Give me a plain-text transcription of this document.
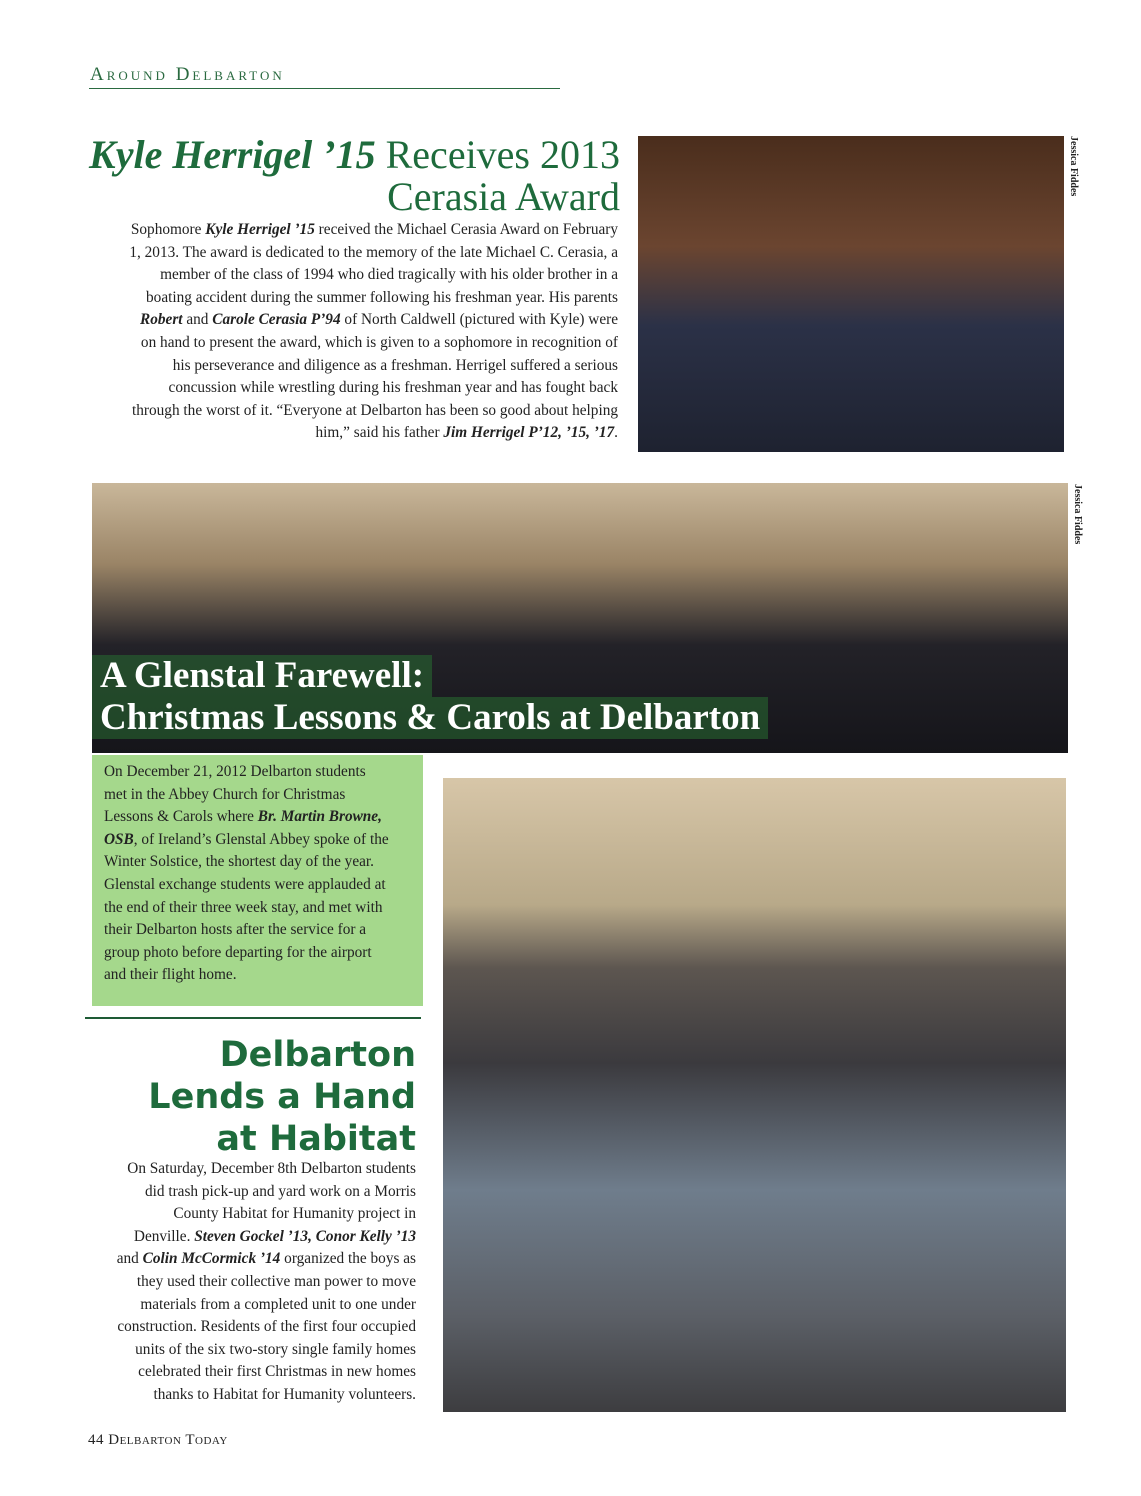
Around Delbarton
Kyle Herrigel ’15 Receives 2013
Cerasia Award
Sophomore Kyle Herrigel ’15 received the Michael Cerasia Award on February
1, 2013. The award is dedicated to the memory of the late Michael C. Cerasia, a
member of the class of 1994 who died tragically with his older brother in a
boating accident during the summer following his freshman year. His parents
Robert and Carole Cerasia P’94 of North Caldwell (pictured with Kyle) were
on hand to present the award, which is given to a sophomore in recognition of
his perseverance and diligence as a freshman. Herrigel suffered a serious
concussion while wrestling during his freshman year and has fought back
through the worst of it. “Everyone at Delbarton has been so good about helping
him,” said his father Jim Herrigel P’12, ’15, ’17.
Jessica Fiddes
Jessica Fiddes
A Glenstal Farewell:
Christmas Lessons & Carols at Delbarton
On December 21, 2012 Delbarton students
met in the Abbey Church for Christmas
Lessons & Carols where Br. Martin Browne,
OSB, of Ireland’s Glenstal Abbey spoke of the
Winter Solstice, the shortest day of the year.
Glenstal exchange students were applauded at
the end of their three week stay, and met with
their Delbarton hosts after the service for a
group photo before departing for the airport
and their flight home.
Delbarton
Lends a Hand
at Habitat
On Saturday, December 8th Delbarton students
did trash pick-up and yard work on a Morris
County Habitat for Humanity project in
Denville. Steven Gockel ’13, Conor Kelly ’13
and Colin McCormick ’14 organized the boys as
they used their collective man power to move
materials from a completed unit to one under
construction. Residents of the first four occupied
units of the six two-story single family homes
celebrated their first Christmas in new homes
thanks to Habitat for Humanity volunteers.
44 Delbarton Today
